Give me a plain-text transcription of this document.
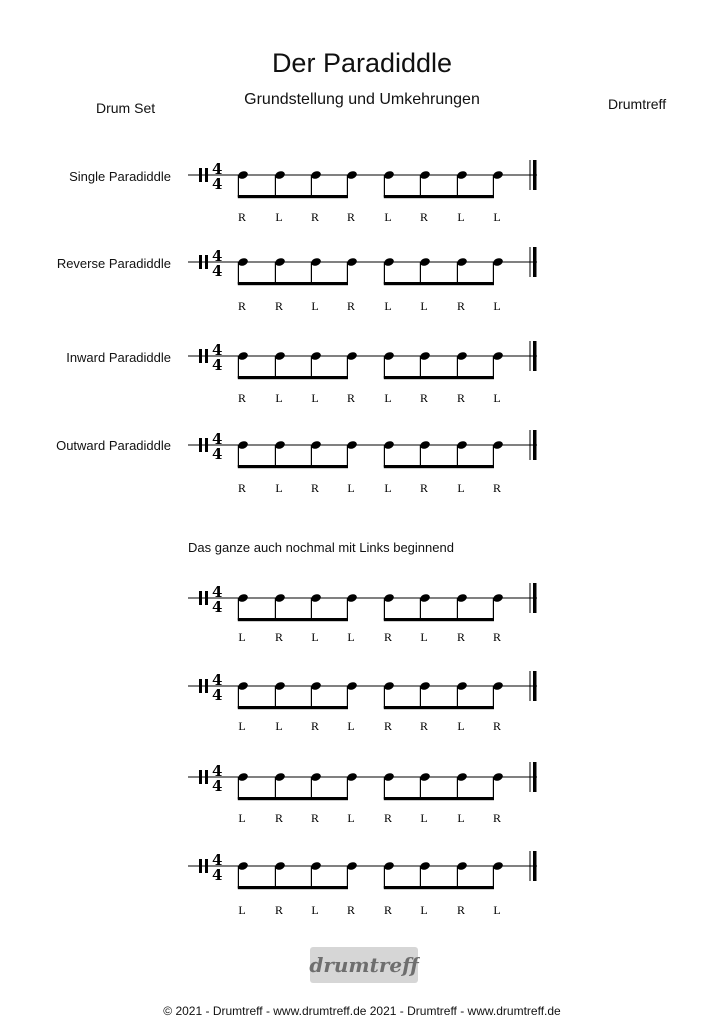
Der Paradiddle
Grundstellung und Umkehrungen
Drum Set	Drumtreff
Single Paradiddle
Reverse Paradiddle
Inward Paradiddle
Outward Paradiddle
Das ganze auch nochmal mit Links beginnend
4
4
R L R R L R L L
4
4
R R L R L L R L
4
4
R L L R L R R L
4
4
R L R L L R L R
4
4
L R L L R L R R
4
4
L L R L R R L R
4
4
L R R L R L L R
4
4
L R L R R L R L
drumtreff
© 2021 - Drumtreff - www.drumtreff.de 2021 - Drumtreff - www.drumtreff.de
